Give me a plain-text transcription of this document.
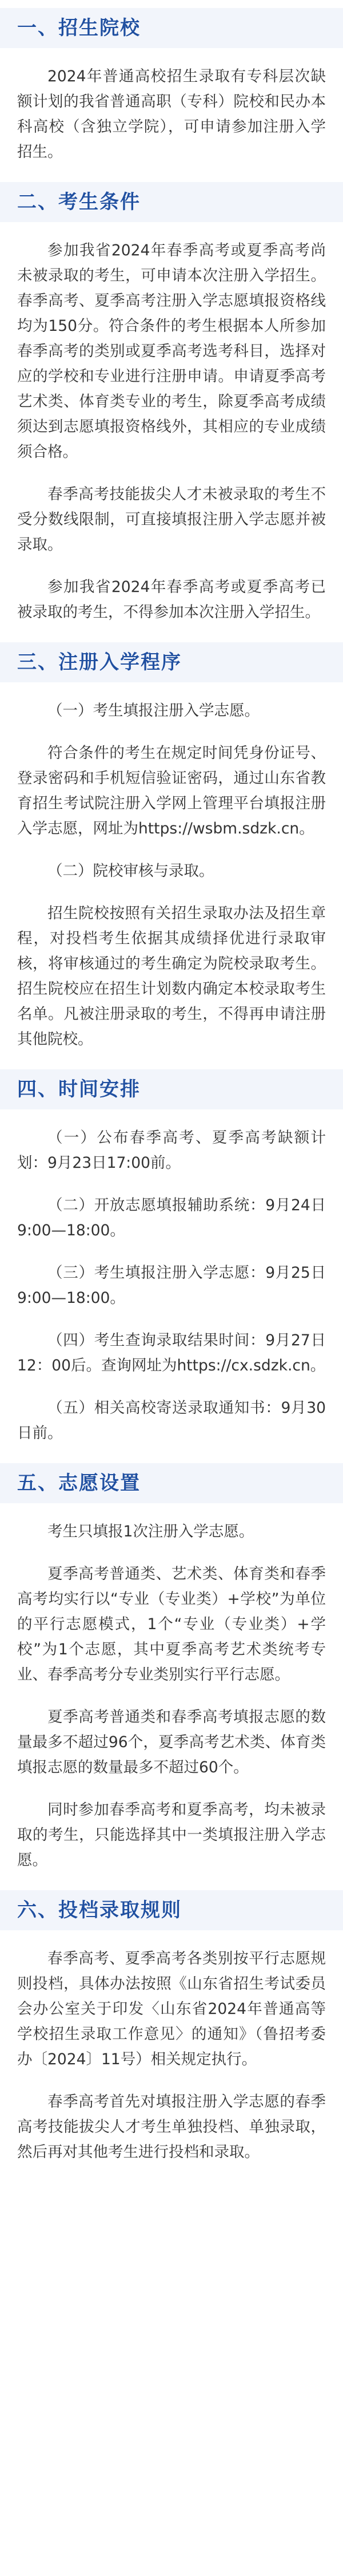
一、招生院校

2024年普通高校招生录取有专科层次缺额计划的我省普通高职（专科）院校和民办本科高校（含独立学院），可申请参加注册入学招生。

二、考生条件

参加我省2024年春季高考或夏季高考尚未被录取的考生，可申请本次注册入学招生。春季高考、夏季高考注册入学志愿填报资格线均为150分。符合条件的考生根据本人所参加春季高考的类别或夏季高考选考科目，选择对应的学校和专业进行注册申请。申请夏季高考艺术类、体育类专业的考生，除夏季高考成绩须达到志愿填报资格线外，其相应的专业成绩须合格。

春季高考技能拔尖人才未被录取的考生不受分数线限制，可直接填报注册入学志愿并被录取。

参加我省2024年春季高考或夏季高考已被录取的考生，不得参加本次注册入学招生。

三、注册入学程序

（一）考生填报注册入学志愿。

符合条件的考生在规定时间凭身份证号、登录密码和手机短信验证密码，通过山东省教育招生考试院注册入学网上管理平台填报注册入学志愿，网址为https://wsbm.sdzk.cn。

（二）院校审核与录取。

招生院校按照有关招生录取办法及招生章程，对投档考生依据其成绩择优进行录取审核，将审核通过的考生确定为院校录取考生。招生院校应在招生计划数内确定本校录取考生名单。凡被注册录取的考生，不得再申请注册其他院校。

四、时间安排

（一）公布春季高考、夏季高考缺额计划：9月23日17:00前。

（二）开放志愿填报辅助系统：9月24日9:00—18:00。

（三）考生填报注册入学志愿：9月25日9:00—18:00。

（四）考生查询录取结果时间：9月27日12：00后。查询网址为https://cx.sdzk.cn。

（五）相关高校寄送录取通知书：9月30日前。

五、志愿设置

考生只填报1次注册入学志愿。

夏季高考普通类、艺术类、体育类和春季高考均实行以“专业（专业类）+学校”为单位的平行志愿模式，1个“专业（专业类）+学校”为1个志愿，其中夏季高考艺术类统考专业、春季高考分专业类别实行平行志愿。

夏季高考普通类和春季高考填报志愿的数量最多不超过96个，夏季高考艺术类、体育类填报志愿的数量最多不超过60个。

同时参加春季高考和夏季高考，均未被录取的考生，只能选择其中一类填报注册入学志愿。

六、投档录取规则

春季高考、夏季高考各类别按平行志愿规则投档，具体办法按照《山东省招生考试委员会办公室关于印发〈山东省2024年普通高等学校招生录取工作意见〉的通知》（鲁招考委办〔2024〕11号）相关规定执行。

春季高考首先对填报注册入学志愿的春季高考技能拔尖人才考生单独投档、单独录取，然后再对其他考生进行投档和录取。
